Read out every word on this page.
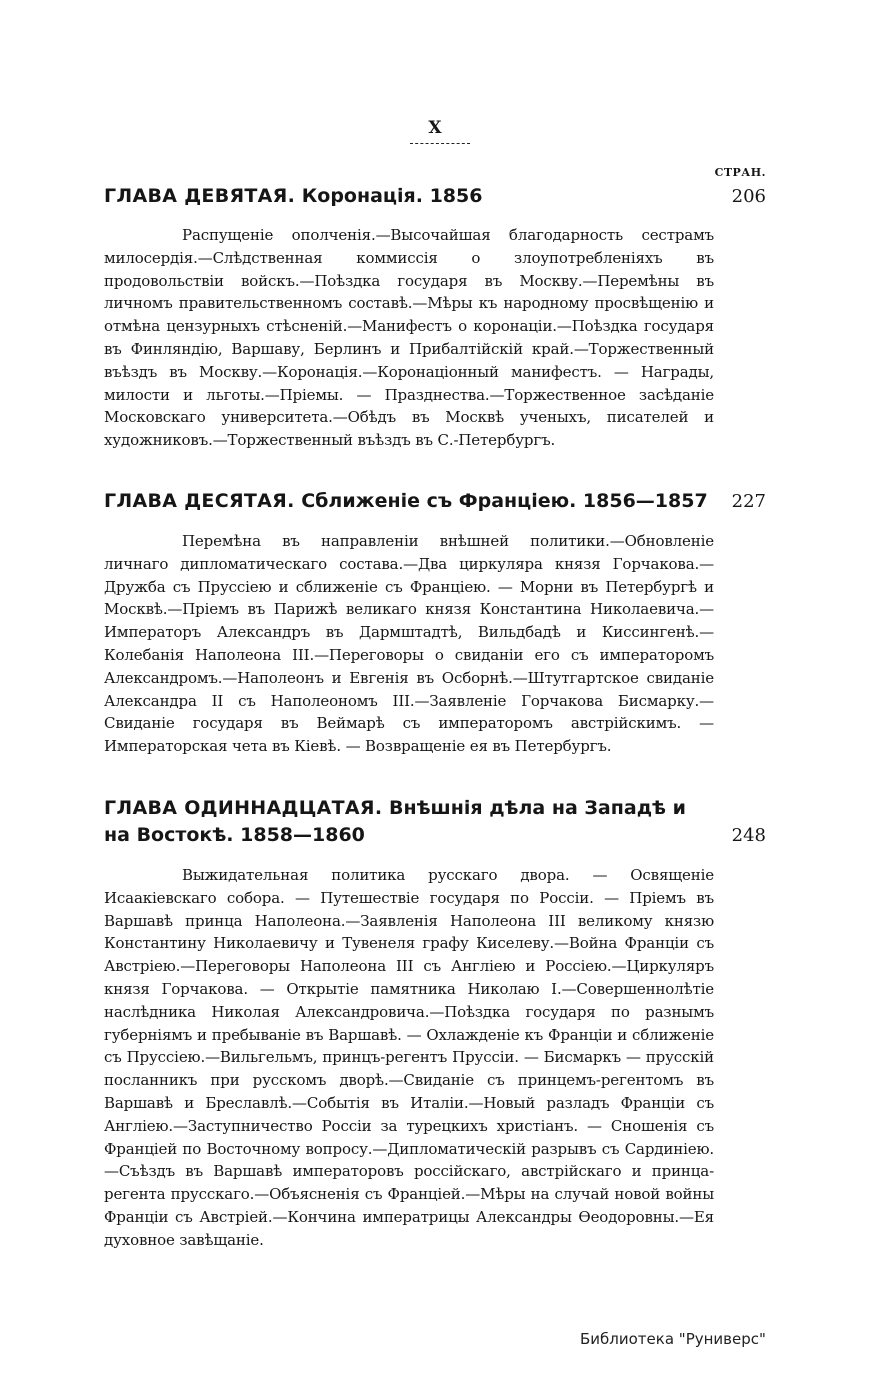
X
СТРАН.
ГЛАВА ДЕВЯТАЯ. Коронація. 1856	206

Распущеніе ополченія.—Высочайшая благодарность сестрамъ милосердія.—Слѣдственная коммиссія о злоупотребленіяхъ въ продовольствіи войскъ.—Поѣздка государя въ Москву.—Перемѣны въ личномъ правительственномъ составѣ.—Мѣры къ народному просвѣщенію и отмѣна цензурныхъ стѣсненій.—Манифестъ о коронаціи.—Поѣздка государя въ Финляндію, Варшаву, Берлинъ и Прибалтійскій край.—Торжественный въѣздъ въ Москву.—Коронація.—Коронаціонный манифестъ. — Награды, милости и льготы.—Пріемы. — Празднества.—Торжественное засѣданіе Московскаго университета.—Обѣдъ въ Москвѣ ученыхъ, писателей и художниковъ.—Торжественный въѣздъ въ С.-Петербургъ.

ГЛАВА ДЕСЯТАЯ. Сближеніе съ Франціею. 1856—1857	227

Перемѣна въ направленіи внѣшней политики.—Обновленіе личнаго дипломатическаго состава.—Два циркуляра князя Горчакова.—Дружба съ Пруссіею и сближеніе съ Франціею. — Морни въ Петербургѣ и Москвѣ.—Пріемъ въ Парижѣ великаго князя Константина Николаевича.—Императоръ Александръ въ Дармштадтѣ, Вильдбадѣ и Киссингенѣ.—Колебанія Наполеона III.—Переговоры о свиданіи его съ императоромъ Александромъ.—Наполеонъ и Евгенія въ Осборнѣ.—Штутгартское свиданіе Александра II съ Наполеономъ III.—Заявленіе Горчакова Бисмарку.—Свиданіе государя въ Веймарѣ съ императоромъ австрійскимъ. — Императорская чета въ Кіевѣ. — Возвращеніе ея въ Петербургъ.

ГЛАВА ОДИННАДЦАТАЯ. Внѣшнія дѣла на Западѣ и на Востокѣ. 1858—1860	248

Выжидательная политика русскаго двора. — Освященіе Исаакіевскаго собора. — Путешествіе государя по Россіи. — Пріемъ въ Варшавѣ принца Наполеона.—Заявленія Наполеона III великому князю Константину Николаевичу и Тувенеля графу Киселеву.—Война Франціи съ Австріею.—Переговоры Наполеона III съ Англіею и Россіею.—Циркуляръ князя Горчакова. — Открытіе памятника Николаю I.—Совершеннолѣтіе наслѣдника Николая Александровича.—Поѣздка государя по разнымъ губерніямъ и пребываніе въ Варшавѣ. — Охлажденіе къ Франціи и сближеніе съ Пруссіею.—Вильгельмъ, принцъ-регентъ Пруссіи. — Бисмаркъ — прусскій посланникъ при русскомъ дворѣ.—Свиданіе съ принцемъ-регентомъ въ Варшавѣ и Бреславлѣ.—Событія въ Италіи.—Новый разладъ Франціи съ Англіею.—Заступничество Россіи за турецкихъ христіанъ. — Сношенія съ Франціей по Восточному вопросу.—Дипломатическій разрывъ съ Сардиніею.—Съѣздъ въ Варшавѣ императоровъ россійскаго, австрійскаго и принца-регента прусскаго.—Объясненія съ Франціей.—Мѣры на случай новой войны Франціи съ Австріей.—Кончина императрицы Александры Ѳеодоровны.—Ея духовное завѣщаніе.

Библиотека "Руниверс"
